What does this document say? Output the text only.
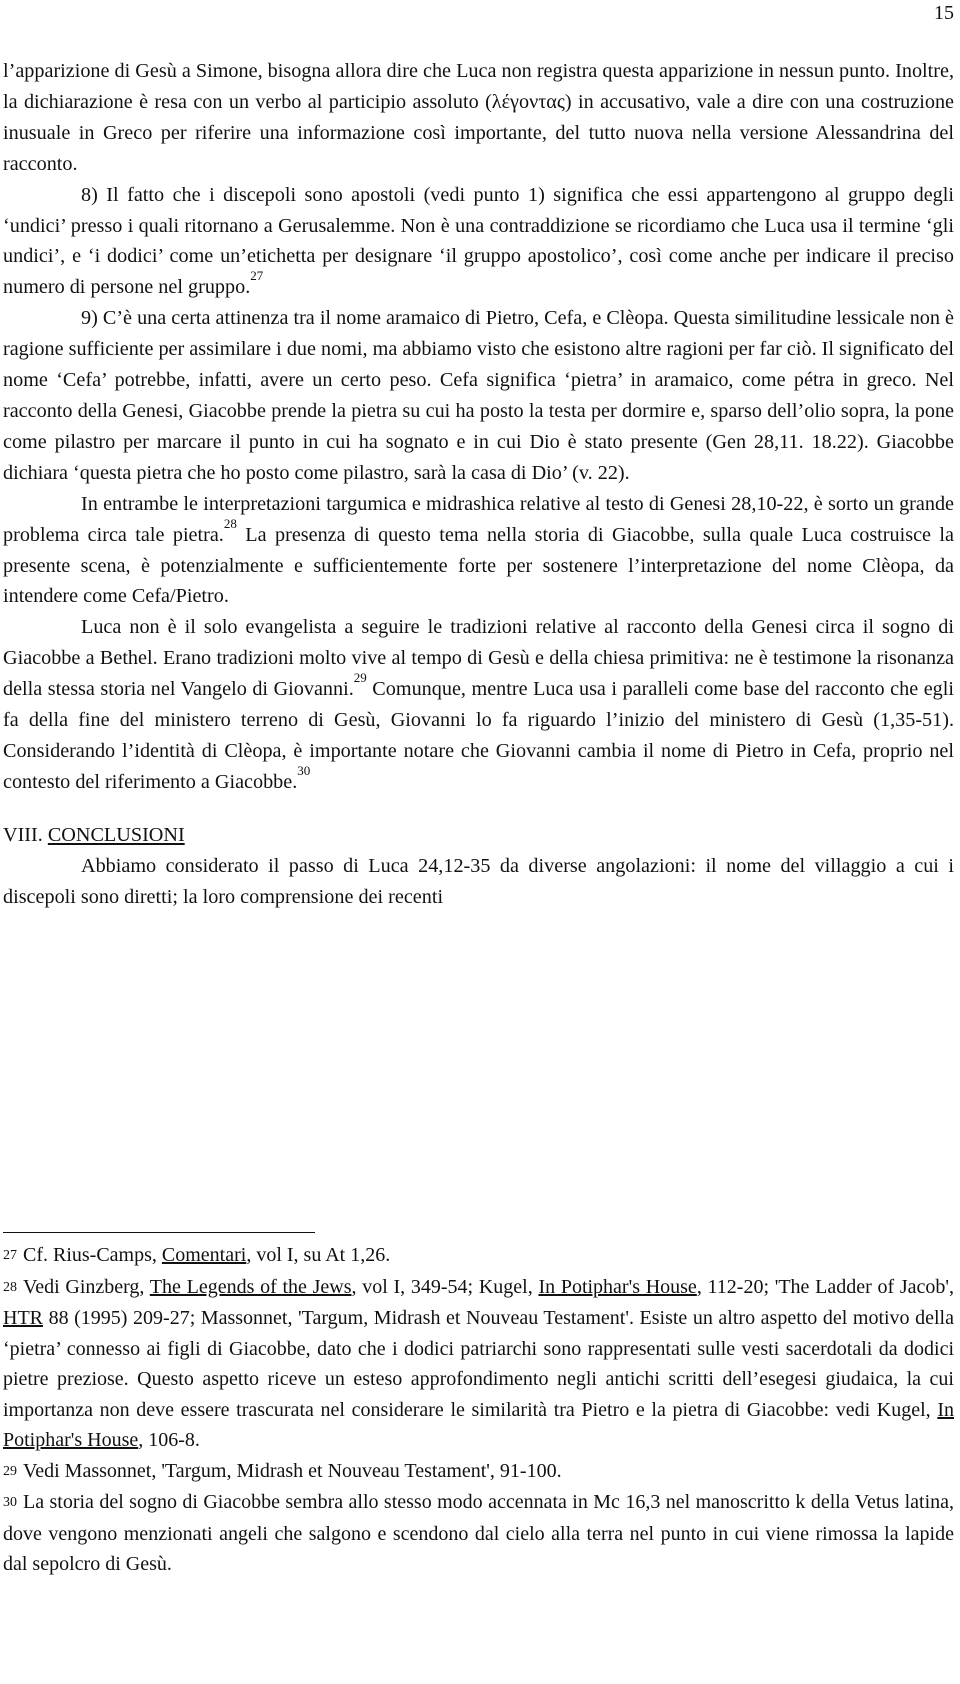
15

l’apparizione di Gesù a Simone, bisogna allora dire che Luca non registra questa apparizione in nessun punto. Inoltre, la dichiarazione è resa con un verbo al participio assoluto (λέγοντας) in accusativo, vale a dire con una costruzione inusuale in Greco per riferire una informazione così importante, del tutto nuova nella versione Alessandrina del racconto.

8) Il fatto che i discepoli sono apostoli (vedi punto 1) significa che essi appartengono al gruppo degli ‘undici’ presso i quali ritornano a Gerusalemme. Non è una contraddizione se ricordiamo che Luca usa il termine ‘gli undici’, e ‘i dodici’ come un’etichetta per designare ‘il gruppo apostolico’, così come anche per indicare il preciso numero di persone nel gruppo.$^{27}$

9) C’è una certa attinenza tra il nome aramaico di Pietro, Cefa, e Clèopa. Questa similitudine lessicale non è ragione sufficiente per assimilare i due nomi, ma abbiamo visto che esistono altre ragioni per far ciò. Il significato del nome ‘Cefa’ potrebbe, infatti, avere un certo peso. Cefa significa ‘pietra’ in aramaico, come pétra in greco. Nel racconto della Genesi, Giacobbe prende la pietra su cui ha posto la testa per dormire e, sparso dell’olio sopra, la pone come pilastro per marcare il punto in cui ha sognato e in cui Dio è stato presente (Gen 28,11. 18.22). Giacobbe dichiara ‘questa pietra che ho posto come pilastro, sarà la casa di Dio’ (v. 22).

In entrambe le interpretazioni targumica e midrashica relative al testo di Genesi 28,10-22, è sorto un grande problema circa tale pietra.$^{28}$ La presenza di questo tema nella storia di Giacobbe, sulla quale Luca costruisce la presente scena, è potenzialmente e sufficientemente forte per sostenere l’interpretazione del nome Clèopa, da intendere come Cefa/Pietro.

Luca non è il solo evangelista a seguire le tradizioni relative al racconto della Genesi circa il sogno di Giacobbe a Bethel. Erano tradizioni molto vive al tempo di Gesù e della chiesa primitiva: ne è testimone la risonanza della stessa storia nel Vangelo di Giovanni.$^{29}$ Comunque, mentre Luca usa i paralleli come base del racconto che egli fa della fine del ministero terreno di Gesù, Giovanni lo fa riguardo l’inizio del ministero di Gesù (1,35-51). Considerando l’identità di Clèopa, è importante notare che Giovanni cambia il nome di Pietro in Cefa, proprio nel contesto del riferimento a Giacobbe.$^{30}$

VIII. CONCLUSIONI

Abbiamo considerato il passo di Luca 24,12-35 da diverse angolazioni: il nome del villaggio a cui i discepoli sono diretti; la loro comprensione dei recenti

27 Cf. Rius-Camps, Comentari, vol I, su At 1,26.

28 Vedi Ginzberg, The Legends of the Jews, vol I, 349-54; Kugel, In Potiphar's House, 112-20; 'The Ladder of Jacob', HTR 88 (1995) 209-27; Massonnet, 'Targum, Midrash et Nouveau Testament'. Esiste un altro aspetto del motivo della ‘pietra’ connesso ai figli di Giacobbe, dato che i dodici patriarchi sono rappresentati sulle vesti sacerdotali da dodici pietre preziose. Questo aspetto riceve un esteso approfondimento negli antichi scritti dell’esegesi giudaica, la cui importanza non deve essere trascurata nel considerare le similarità tra Pietro e la pietra di Giacobbe: vedi Kugel, In Potiphar's House, 106-8.

29 Vedi Massonnet, 'Targum, Midrash et Nouveau Testament', 91-100.

30 La storia del sogno di Giacobbe sembra allo stesso modo accennata in Mc 16,3 nel manoscritto k della Vetus latina, dove vengono menzionati angeli che salgono e scendono dal cielo alla terra nel punto in cui viene rimossa la lapide dal sepolcro di Gesù.
